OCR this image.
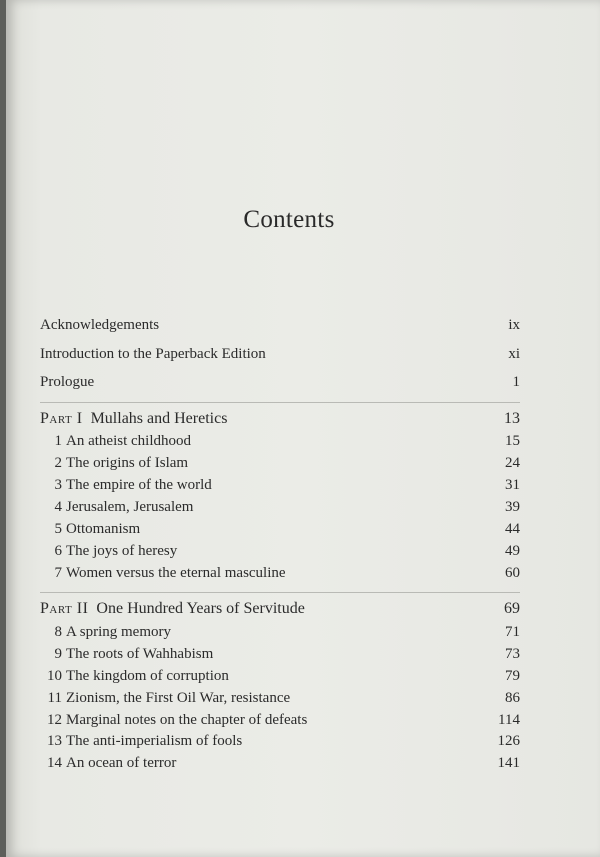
Contents
Acknowledgements	ix
Introduction to the Paperback Edition	xi
Prologue	1
Part I Mullahs and Heretics	13
1 An atheist childhood	15
2 The origins of Islam	24
3 The empire of the world	31
4 Jerusalem, Jerusalem	39
5 Ottomanism	44
6 The joys of heresy	49
7 Women versus the eternal masculine	60
Part II One Hundred Years of Servitude	69
8 A spring memory	71
9 The roots of Wahhabism	73
10 The kingdom of corruption	79
11 Zionism, the First Oil War, resistance	86
12 Marginal notes on the chapter of defeats	114
13 The anti-imperialism of fools	126
14 An ocean of terror	141
